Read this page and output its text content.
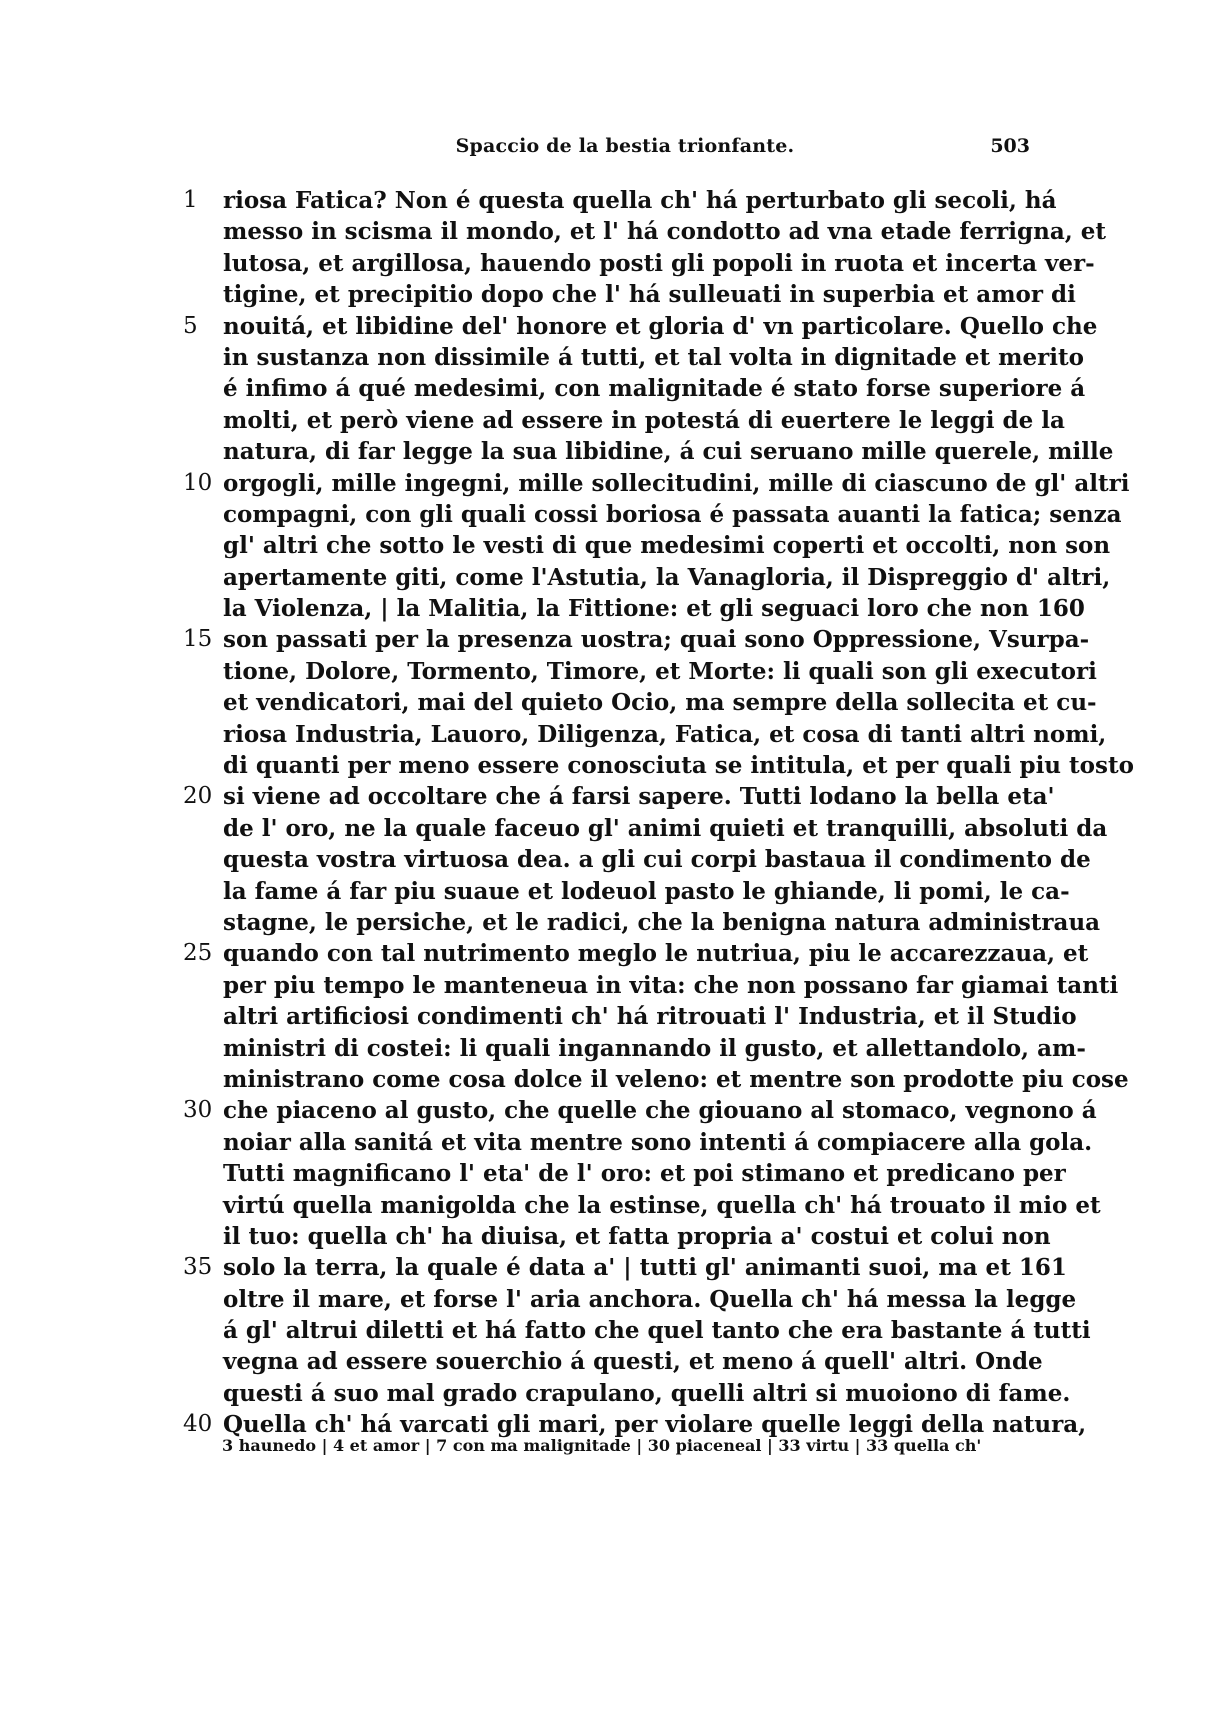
Spaccio de la bestia trionfante.	503
1	riosa Fatica? Non é questa quella ch' há perturbato gli secoli, há
messo in scisma il mondo, et l' há condotto ad vna etade ferrigna, et
lutosa, et argillosa, hauendo posti gli popoli in ruota et incerta ver-
tigine, et precipitio dopo che l' há sulleuati in superbia et amor di
5	nouitá, et libidine del' honore et gloria d' vn particolare. Quello che
in sustanza non dissimile á tutti, et tal volta in dignitade et merito
é infimo á qué medesimi, con malignitade é stato forse superiore á
molti, et però viene ad essere in potestá di euertere le leggi de la
natura, di far legge la sua libidine, á cui seruano mille querele, mille
10 orgogli, mille ingegni, mille sollecitudini, mille di ciascuno de gl' altri
compagni, con gli quali cossi boriosa é passata auanti la fatica; senza
gl' altri che sotto le vesti di que medesimi coperti et occolti, non son
apertamente giti, come l'Astutia, la Vanagloria, il Dispreggio d' altri,
la Violenza, | la Malitia, la Fittione: et gli seguaci loro che non 160
15 son passati per la presenza uostra; quai sono Oppressione, Vsurpa-
tione, Dolore, Tormento, Timore, et Morte: li quali son gli executori
et vendicatori, mai del quieto Ocio, ma sempre della sollecita et cu-
riosa Industria, Lauoro, Diligenza, Fatica, et cosa di tanti altri nomi,
di quanti per meno essere conosciuta se intitula, et per quali piu tosto
20 si viene ad occoltare che á farsi sapere. Tutti lodano la bella eta'
de l' oro, ne la quale faceuo gl' animi quieti et tranquilli, absoluti da
questa vostra virtuosa dea. a gli cui corpi bastaua il condimento de
la fame á far piu suaue et lodeuol pasto le ghiande, li pomi, le ca-
stagne, le persiche, et le radici, che la benigna natura administraua
25 quando con tal nutrimento meglo le nutriua, piu le accarezzaua, et
per piu tempo le manteneua in vita: che non possano far giamai tanti
altri artificiosi condimenti ch' há ritrouati l' Industria, et il Studio
ministri di costei: li quali ingannando il gusto, et allettandolo, am-
ministrano come cosa dolce il veleno: et mentre son prodotte piu cose
30 che piaceno al gusto, che quelle che giouano al stomaco, vegnono á
noiar alla sanitá et vita mentre sono intenti á compiacere alla gola.
Tutti magnificano l' eta' de l' oro: et poi stimano et predicano per
virtú quella manigolda che la estinse, quella ch' há trouato il mio et
il tuo: quella ch' ha diuisa, et fatta propria a' costui et colui non
35 solo la terra, la quale é data a' | tutti gl' animanti suoi, ma et 161
oltre il mare, et forse l' aria anchora. Quella ch' há messa la legge
á gl' altrui diletti et há fatto che quel tanto che era bastante á tutti
vegna ad essere souerchio á questi, et meno á quell' altri. Onde
questi á suo mal grado crapulano, quelli altri si muoiono di fame.
40 Quella ch' há varcati gli mari, per violare quelle leggi della natura,
3 haunedo | 4 et amor | 7 con ma malignitade | 30 piaceneal | 33 virtu | 33 quella ch'
